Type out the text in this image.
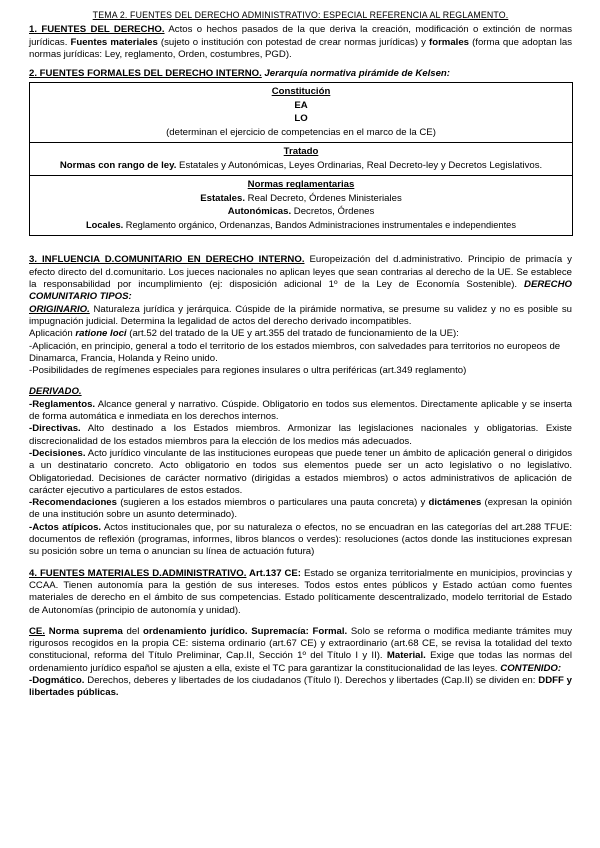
TEMA 2. FUENTES DEL DERECHO ADMINISTRATIVO: ESPECIAL REFERENCIA AL REGLAMENTO.

1. FUENTES DEL DERECHO. Actos o hechos pasados de la que deriva la creación, modificación o extinción de normas jurídicas. Fuentes materiales (sujeto o institución con potestad de crear normas jurídicas) y formales (forma que adoptan las normas jurídicas: Ley, reglamento, Orden, costumbres, PGD).

2. FUENTES FORMALES DEL DERECHO INTERNO. Jerarquía normativa pirámide de Kelsen:

Constitución
EA
LO
(determinan el ejercicio de competencias en el marco de la CE)
Tratado
Normas con rango de ley. Estatales y Autonómicas, Leyes Ordinarias, Real Decreto-ley y Decretos Legislativos.
Normas reglamentarias
Estatales. Real Decreto, Órdenes Ministeriales
Autonómicas. Decretos, Órdenes
Locales. Reglamento orgánico, Ordenanzas, Bandos Administraciones instrumentales e independientes

3. INFLUENCIA D.COMUNITARIO EN DERECHO INTERNO. Europeización del d.administrativo. Principio de primacía y efecto directo del d.comunitario. Los jueces nacionales no aplican leyes que sean contrarias al derecho de la UE. Se establece la responsabilidad por incumplimiento (ej: disposición adicional 1º de la Ley de Economía Sostenible). DERECHO COMUNITARIO TIPOS:

ORIGINARIO. Naturaleza jurídica y jerárquica. Cúspide de la pirámide normativa, se presume su validez y no es posible su impugnación judicial. Determina la legalidad de actos del derecho derivado incompatibles.

Aplicación ratione loci (art.52 del tratado de la UE y art.355 del tratado de funcionamiento de la UE):

-Aplicación, en principio, general a todo el territorio de los estados miembros, con salvedades para territorios no europeos de Dinamarca, Francia, Holanda y Reino unido.

-Posibilidades de regímenes especiales para regiones insulares o ultra periféricas (art.349 reglamento)

DERIVADO.

-Reglamentos. Alcance general y narrativo. Cúspide. Obligatorio en todos sus elementos. Directamente aplicable y se inserta de forma automática e inmediata en los derechos internos.

-Directivas. Alto destinado a los Estados miembros. Armonizar las legislaciones nacionales y obligatorias. Existe discrecionalidad de los estados miembros para la elección de los medios más adecuados.

-Decisiones. Acto jurídico vinculante de las instituciones europeas que puede tener un ámbito de aplicación general o dirigidos a un destinatario concreto. Acto obligatorio en todos sus elementos puede ser un acto legislativo o no legislativo. Obligatoriedad. Decisiones de carácter normativo (dirigidas a estados miembros) o actos administrativos de aplicación de carácter ejecutivo a particulares de estos estados.

-Recomendaciones (sugieren a los estados miembros o particulares una pauta concreta) y dictámenes (expresan la opinión de una institución sobre un asunto determinado).

-Actos atípicos. Actos institucionales que, por su naturaleza o efectos, no se encuadran en las categorías del art.288 TFUE: documentos de reflexión (programas, informes, libros blancos o verdes): resoluciones (actos donde las instituciones expresan su posición sobre un tema o anuncian su línea de actuación futura)

4. FUENTES MATERIALES D.ADMINISTRATIVO. Art.137 CE: Estado se organiza territorialmente en municipios, provincias y CCAA. Tienen autonomía para la gestión de sus intereses. Todos estos entes públicos y Estado actúan como fuentes materiales de derecho en el ámbito de sus competencias. Estado políticamente descentralizado, modelo territorial de Estado de Autonomías (principio de autonomía y unidad).

CE. Norma suprema del ordenamiento jurídico. Supremacía: Formal. Solo se reforma o modifica mediante trámites muy rigurosos recogidos en la propia CE: sistema ordinario (art.67 CE) y extraordinario (art.68 CE, se revisa la totalidad del texto constitucional, reforma del Título Preliminar, Cap.II, Sección 1º del Título I y II). Material. Exige que todas las normas del ordenamiento jurídico español se ajusten a ella, existe el TC para garantizar la constitucionalidad de las leyes. CONTENIDO:

-Dogmático. Derechos, deberes y libertades de los ciudadanos (Título I). Derechos y libertades (Cap.II) se dividen en: DDFF y libertades públicas.
